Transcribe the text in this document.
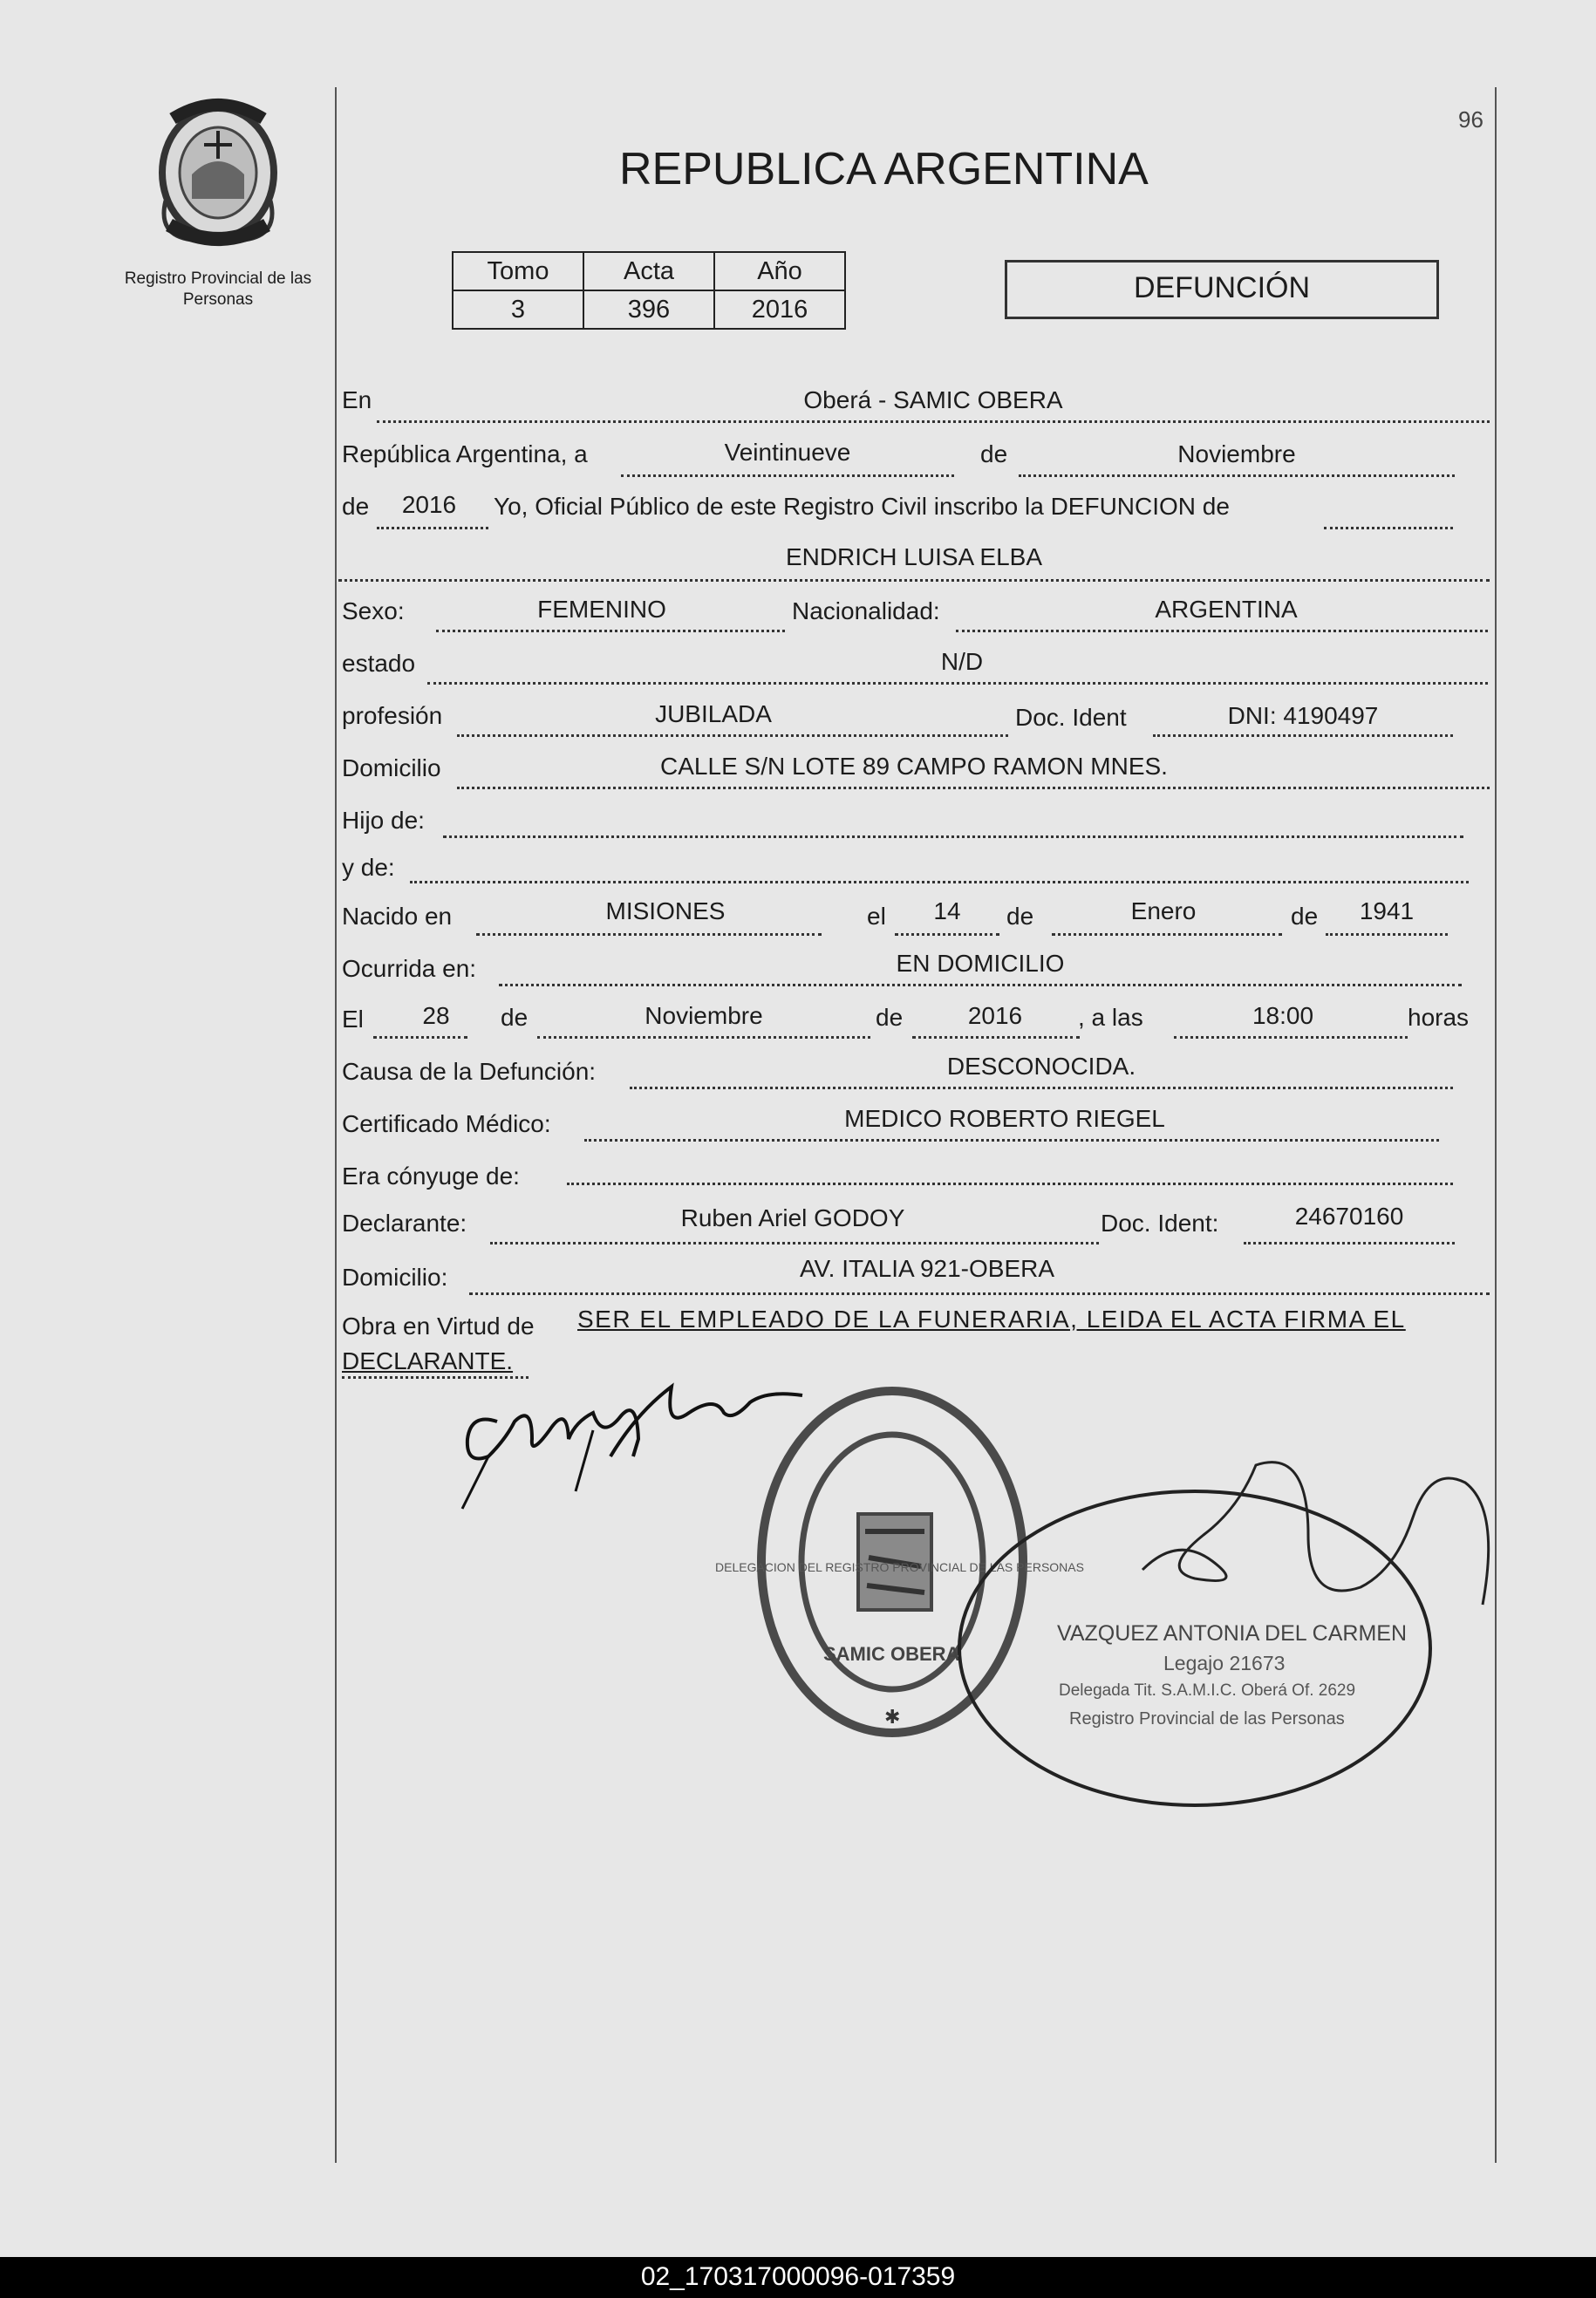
96
Registro Provincial de las Personas
REPUBLICA ARGENTINA
Tomo	Acta	Año
3	396	2016
DEFUNCIÓN
En	Oberá - SAMIC OBERA
República Argentina, a	Veintinueve	de	Noviembre
de	2016	Yo, Oficial Público de este Registro Civil inscribo la DEFUNCION de
ENDRICH LUISA ELBA
Sexo:	FEMENINO	Nacionalidad:	ARGENTINA
estado	N/D
profesión	JUBILADA	Doc. Ident	DNI: 4190497
Domicilio	CALLE S/N LOTE 89 CAMPO RAMON MNES.
Hijo de:
y de:
Nacido en	MISIONES	el	14	de	Enero	de	1941
Ocurrida en:	EN DOMICILIO
El	28	de	Noviembre	de	2016	, a las	18:00	horas
Causa de la Defunción:	DESCONOCIDA.
Certificado Médico:	MEDICO ROBERTO RIEGEL
Era cónyuge de:
Declarante:	Ruben Ariel GODOY	Doc. Ident:	24670160
Domicilio:	AV. ITALIA 921-OBERA
Obra en Virtud de SER EL EMPLEADO DE LA FUNERARIA, LEIDA EL ACTA FIRMA EL
DECLARANTE.
✱
DELEGACION DEL REGISTRO PROVINCIAL DE LAS PERSONAS
SAMIC OBERA
VAZQUEZ ANTONIA DEL CARMEN
Legajo 21673
Delegada Tit. S.A.M.I.C. Oberá Of. 2629
Registro Provincial de las Personas
02_170317000096-017359
